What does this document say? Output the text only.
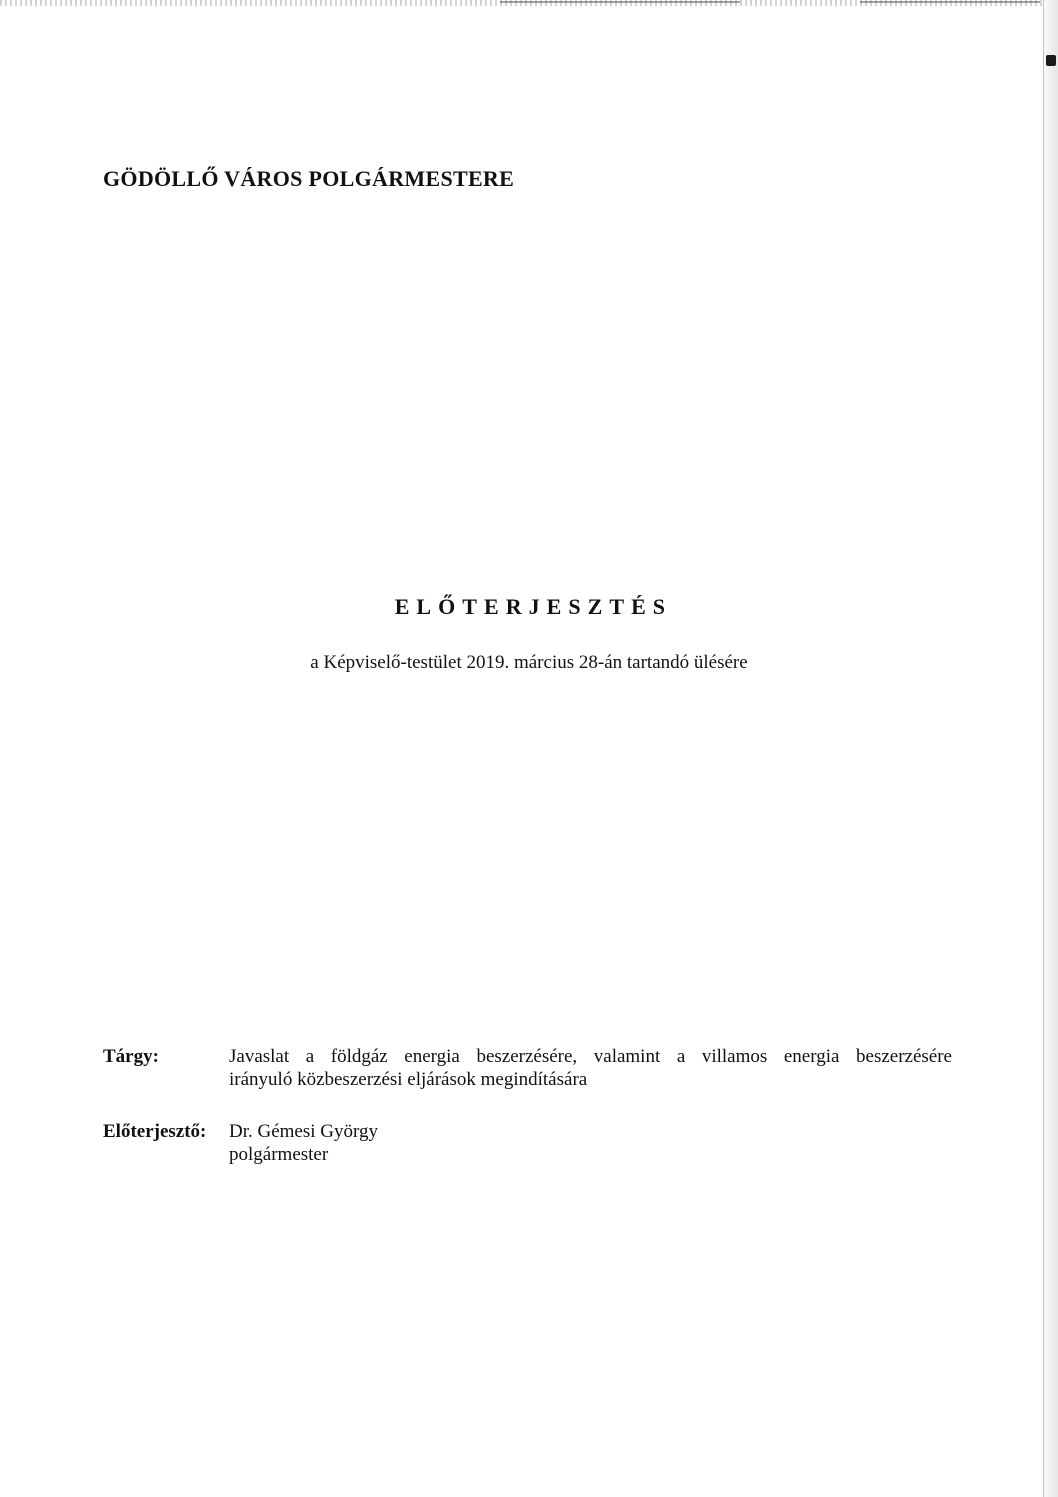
GÖDÖLLŐ VÁROS POLGÁRMESTERE
ELŐTERJESZTÉS

a Képviselő-testület 2019. március 28-án tartandó ülésére

Tárgy:	Javaslat a földgáz energia beszerzésére, valamint a villamos energia beszerzésére
irányuló közbeszerzési eljárások megindítására
Előterjesztő: Dr. Gémesi György
polgármester
